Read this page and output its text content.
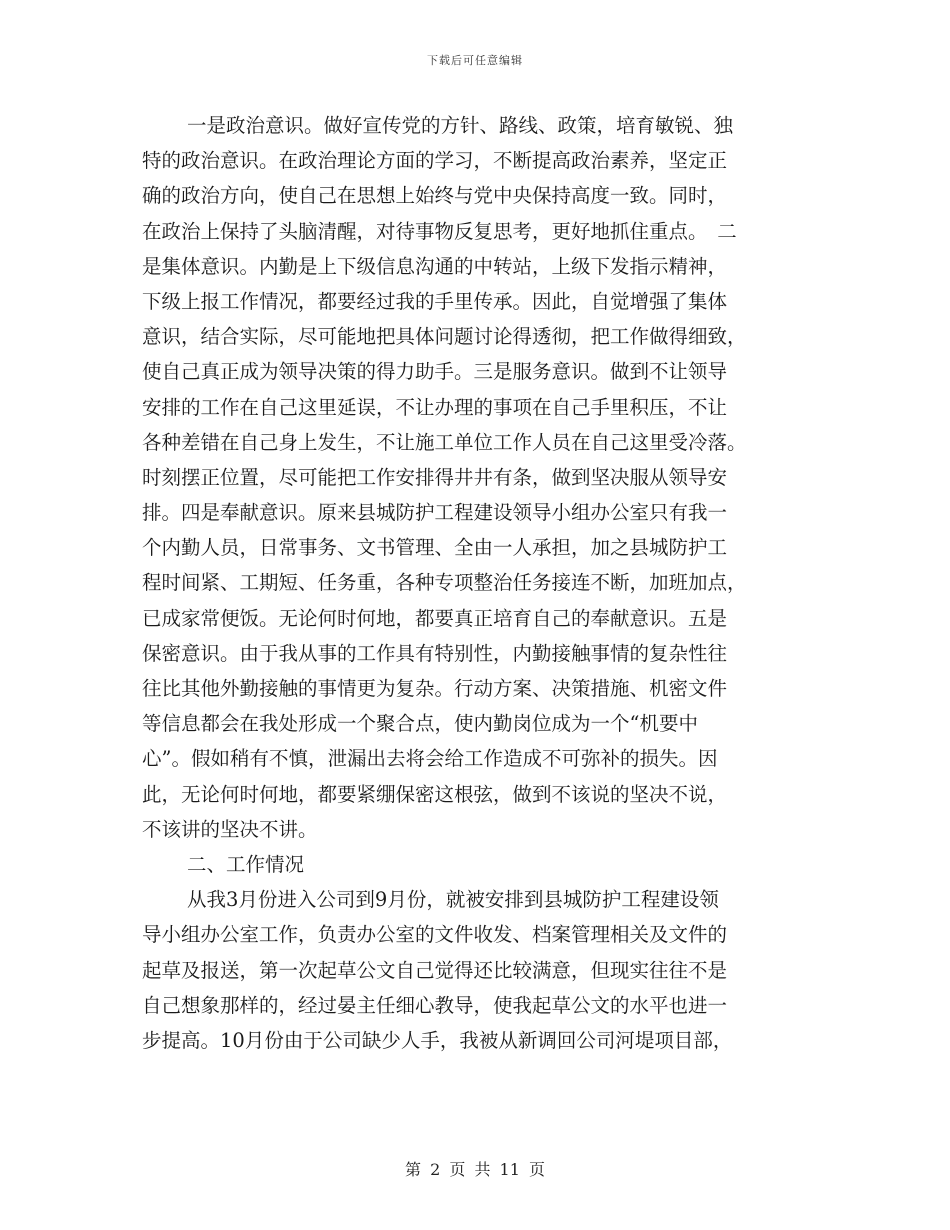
下载后可任意编辑
一是政治意识。做好宣传党的方针、路线、政策，培育敏锐、独
特的政治意识。在政治理论方面的学习，不断提高政治素养，坚定正
确的政治方向，使自己在思想上始终与党中央保持高度一致。同时，
在政治上保持了头脑清醒，对待事物反复思考，更好地抓住重点。　二
是集体意识。内勤是上下级信息沟通的中转站，上级下发指示精神，
下级上报工作情况，都要经过我的手里传承。因此，自觉增强了集体
意识，结合实际，尽可能地把具体问题讨论得透彻，把工作做得细致，
使自己真正成为领导决策的得力助手。三是服务意识。做到不让领导
安排的工作在自己这里延误，不让办理的事项在自己手里积压，不让
各种差错在自己身上发生，不让施工单位工作人员在自己这里受冷落。
时刻摆正位置，尽可能把工作安排得井井有条，做到坚决服从领导安
排。四是奉献意识。原来县城防护工程建设领导小组办公室只有我一
个内勤人员，日常事务、文书管理、全由一人承担，加之县城防护工
程时间紧、工期短、任务重，各种专项整治任务接连不断，加班加点，
已成家常便饭。无论何时何地，都要真正培育自己的奉献意识。五是
保密意识。由于我从事的工作具有特别性，内勤接触事情的复杂性往
往比其他外勤接触的事情更为复杂。行动方案、决策措施、机密文件
等信息都会在我处形成一个聚合点，使内勤岗位成为一个“机要中
心”。假如稍有不慎，泄漏出去将会给工作造成不可弥补的损失。因
此，无论何时何地，都要紧绷保密这根弦，做到不该说的坚决不说，
不该讲的坚决不讲。
二、工作情况
从我3月份进入公司到9月份，就被安排到县城防护工程建设领
导小组办公室工作，负责办公室的文件收发、档案管理相关及文件的
起草及报送，第一次起草公文自己觉得还比较满意，但现实往往不是
自己想象那样的，经过晏主任细心教导，使我起草公文的水平也进一
步提高。10月份由于公司缺少人手，我被从新调回公司河堤项目部，
第 2 页 共 11 页
